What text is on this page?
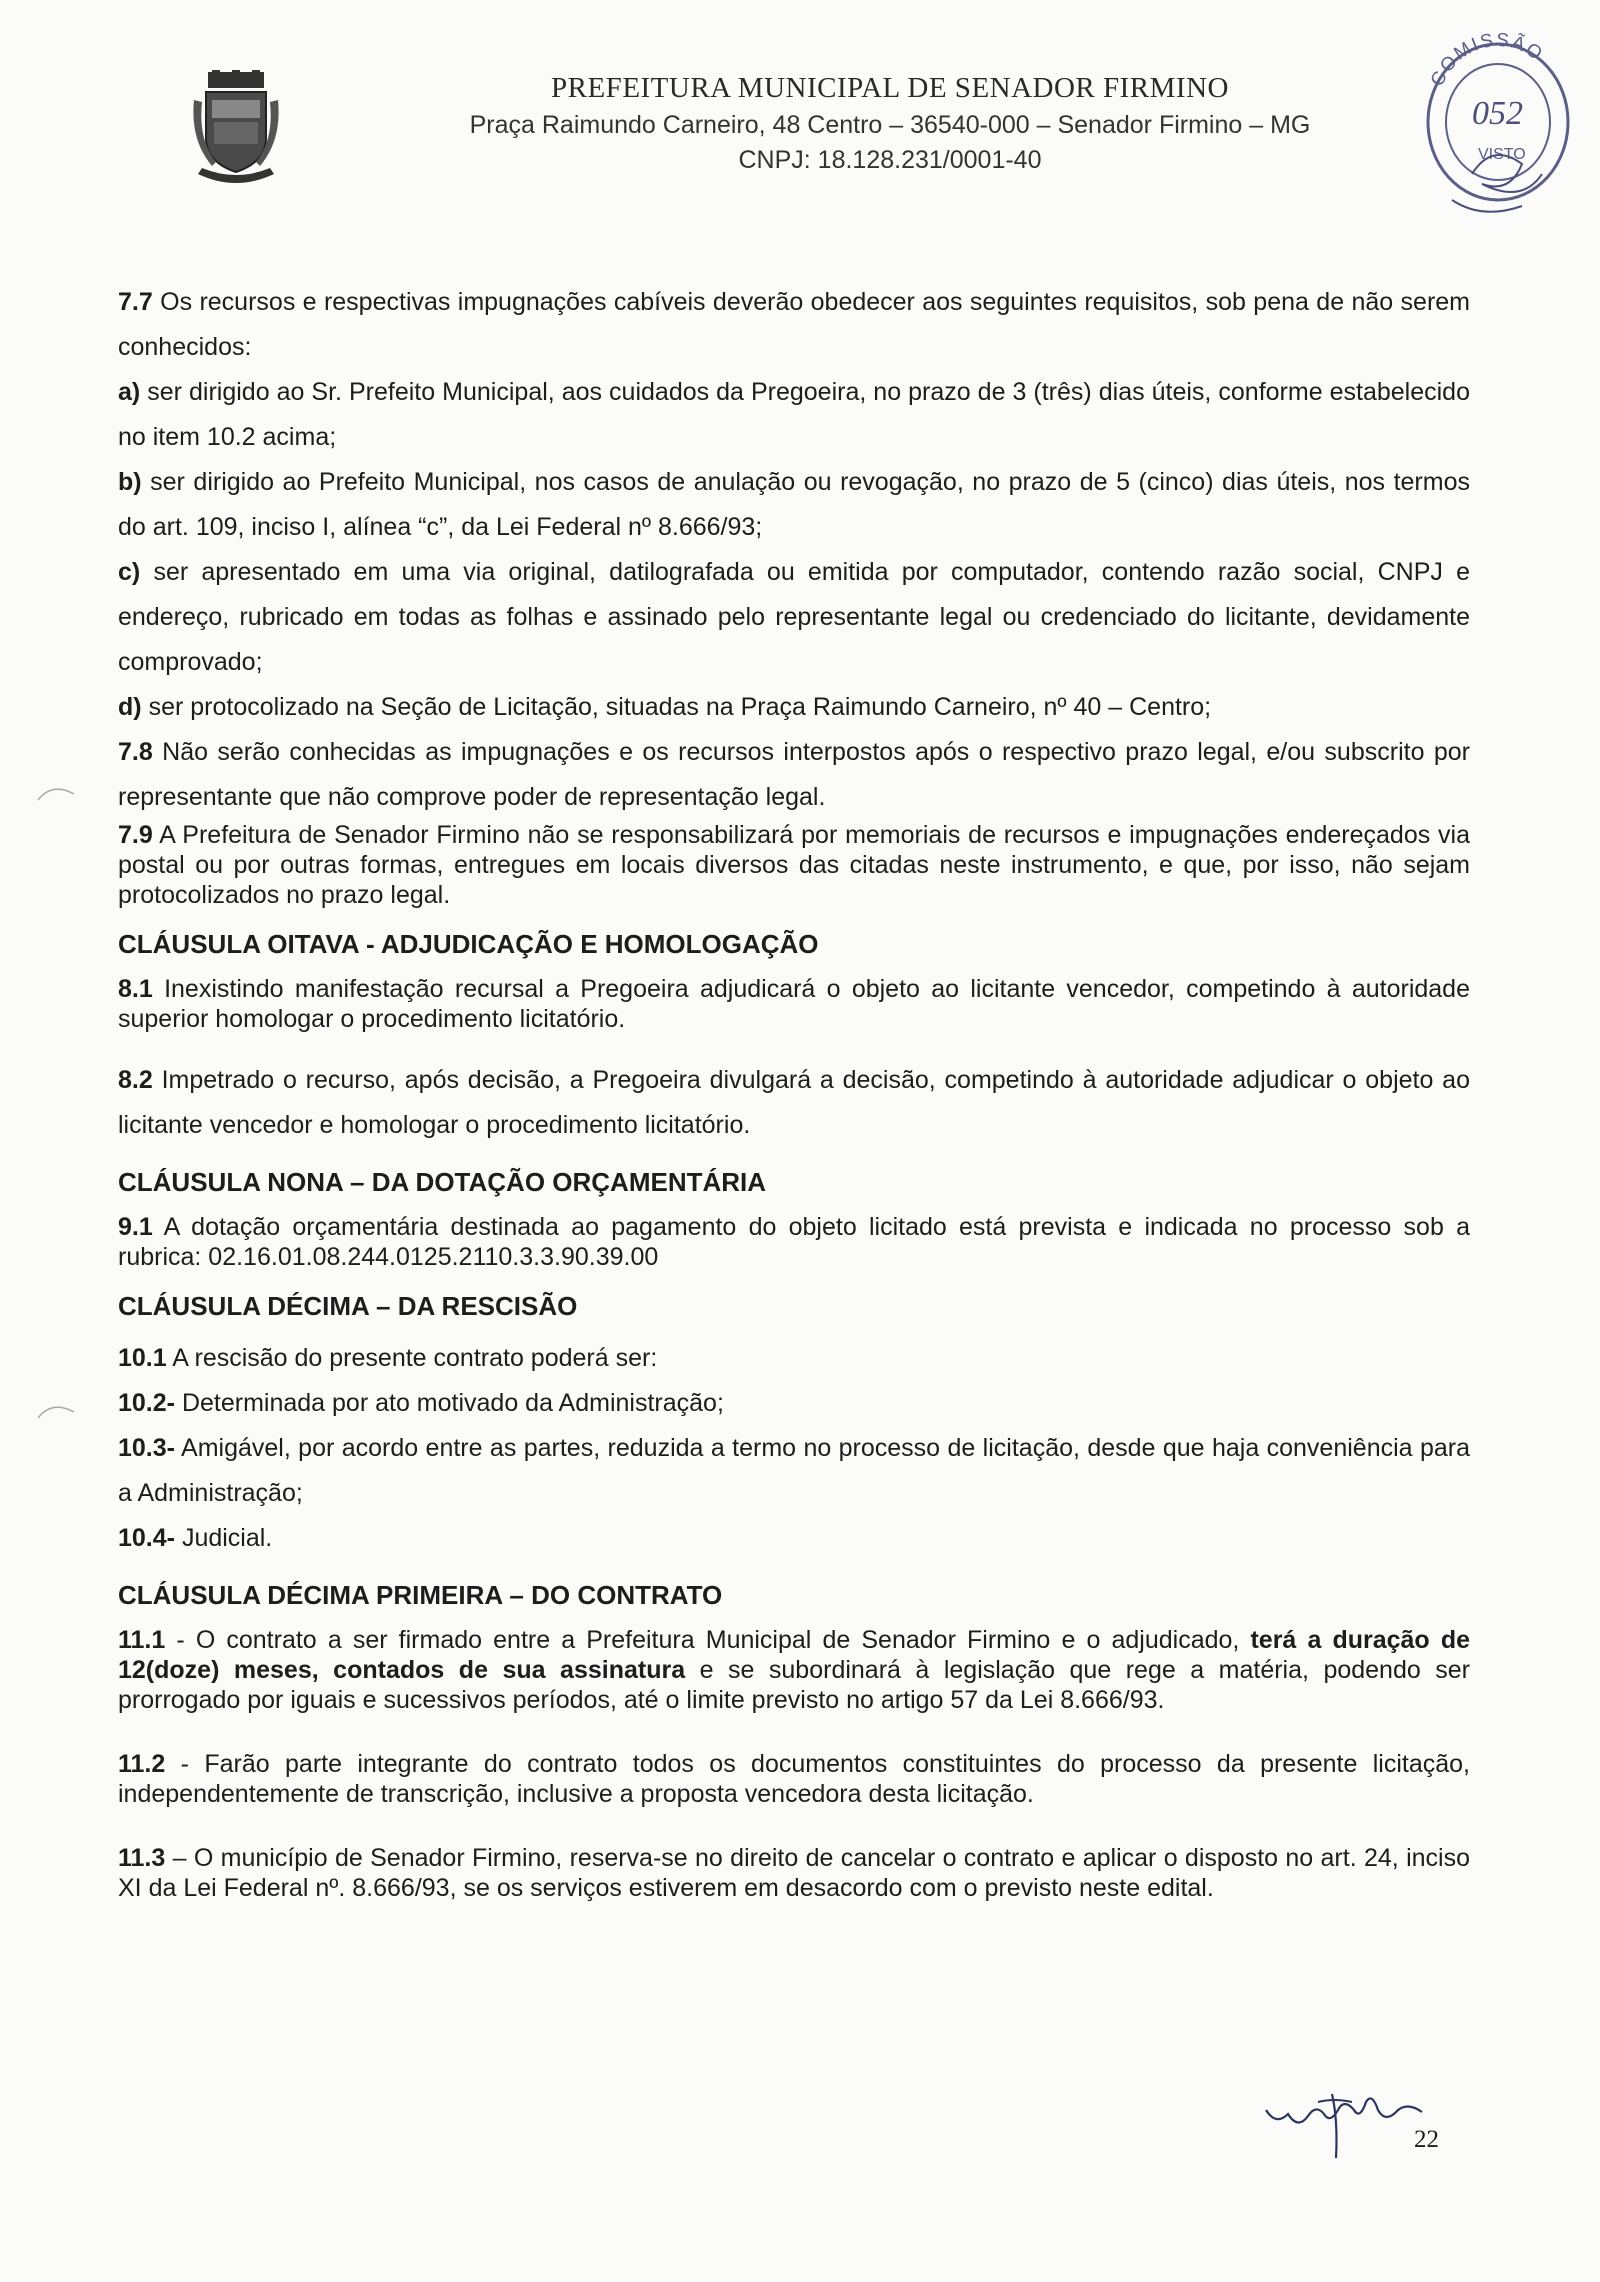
PREFEITURA MUNICIPAL DE SENADOR FIRMINO
Praça Raimundo Carneiro, 48 Centro – 36540-000 – Senador Firmino – MG
CNPJ: 18.128.231/0001-40
COMISSÃO
052
VISTO

7.7 Os recursos e respectivas impugnações cabíveis deverão obedecer aos seguintes requisitos, sob pena de não serem conhecidos:

a) ser dirigido ao Sr. Prefeito Municipal, aos cuidados da Pregoeira, no prazo de 3 (três) dias úteis, conforme estabelecido no item 10.2 acima;

b) ser dirigido ao Prefeito Municipal, nos casos de anulação ou revogação, no prazo de 5 (cinco) dias úteis, nos termos do art. 109, inciso I, alínea “c”, da Lei Federal nº 8.666/93;

c) ser apresentado em uma via original, datilografada ou emitida por computador, contendo razão social, CNPJ e endereço, rubricado em todas as folhas e assinado pelo representante legal ou credenciado do licitante, devidamente comprovado;

d) ser protocolizado na Seção de Licitação, situadas na Praça Raimundo Carneiro, nº 40 – Centro;

7.8 Não serão conhecidas as impugnações e os recursos interpostos após o respectivo prazo legal, e/ou subscrito por representante que não comprove poder de representação legal.

7.9 A Prefeitura de Senador Firmino não se responsabilizará por memoriais de recursos e impugnações endereçados via postal ou por outras formas, entregues em locais diversos das citadas neste instrumento, e que, por isso, não sejam protocolizados no prazo legal.

CLÁUSULA OITAVA - ADJUDICAÇÃO E HOMOLOGAÇÃO

8.1 Inexistindo manifestação recursal a Pregoeira adjudicará o objeto ao licitante vencedor, competindo à autoridade superior homologar o procedimento licitatório.

8.2 Impetrado o recurso, após decisão, a Pregoeira divulgará a decisão, competindo à autoridade adjudicar o objeto ao licitante vencedor e homologar o procedimento licitatório.

CLÁUSULA NONA – DA DOTAÇÃO ORÇAMENTÁRIA

9.1 A dotação orçamentária destinada ao pagamento do objeto licitado está prevista e indicada no processo sob a rubrica: 02.16.01.08.244.0125.2110.3.3.90.39.00

CLÁUSULA DÉCIMA – DA RESCISÃO

10.1 A rescisão do presente contrato poderá ser:

10.2- Determinada por ato motivado da Administração;

10.3- Amigável, por acordo entre as partes, reduzida a termo no processo de licitação, desde que haja conveniência para a Administração;

10.4- Judicial.

CLÁUSULA DÉCIMA PRIMEIRA – DO CONTRATO

11.1 - O contrato a ser firmado entre a Prefeitura Municipal de Senador Firmino e o adjudicado, terá a duração de 12(doze) meses, contados de sua assinatura e se subordinará à legislação que rege a matéria, podendo ser prorrogado por iguais e sucessivos períodos, até o limite previsto no artigo 57 da Lei 8.666/93.

11.2 - Farão parte integrante do contrato todos os documentos constituintes do processo da presente licitação, independentemente de transcrição, inclusive a proposta vencedora desta licitação.

11.3 – O município de Senador Firmino, reserva-se no direito de cancelar o contrato e aplicar o disposto no art. 24, inciso XI da Lei Federal nº. 8.666/93, se os serviços estiverem em desacordo com o previsto neste edital.

22
